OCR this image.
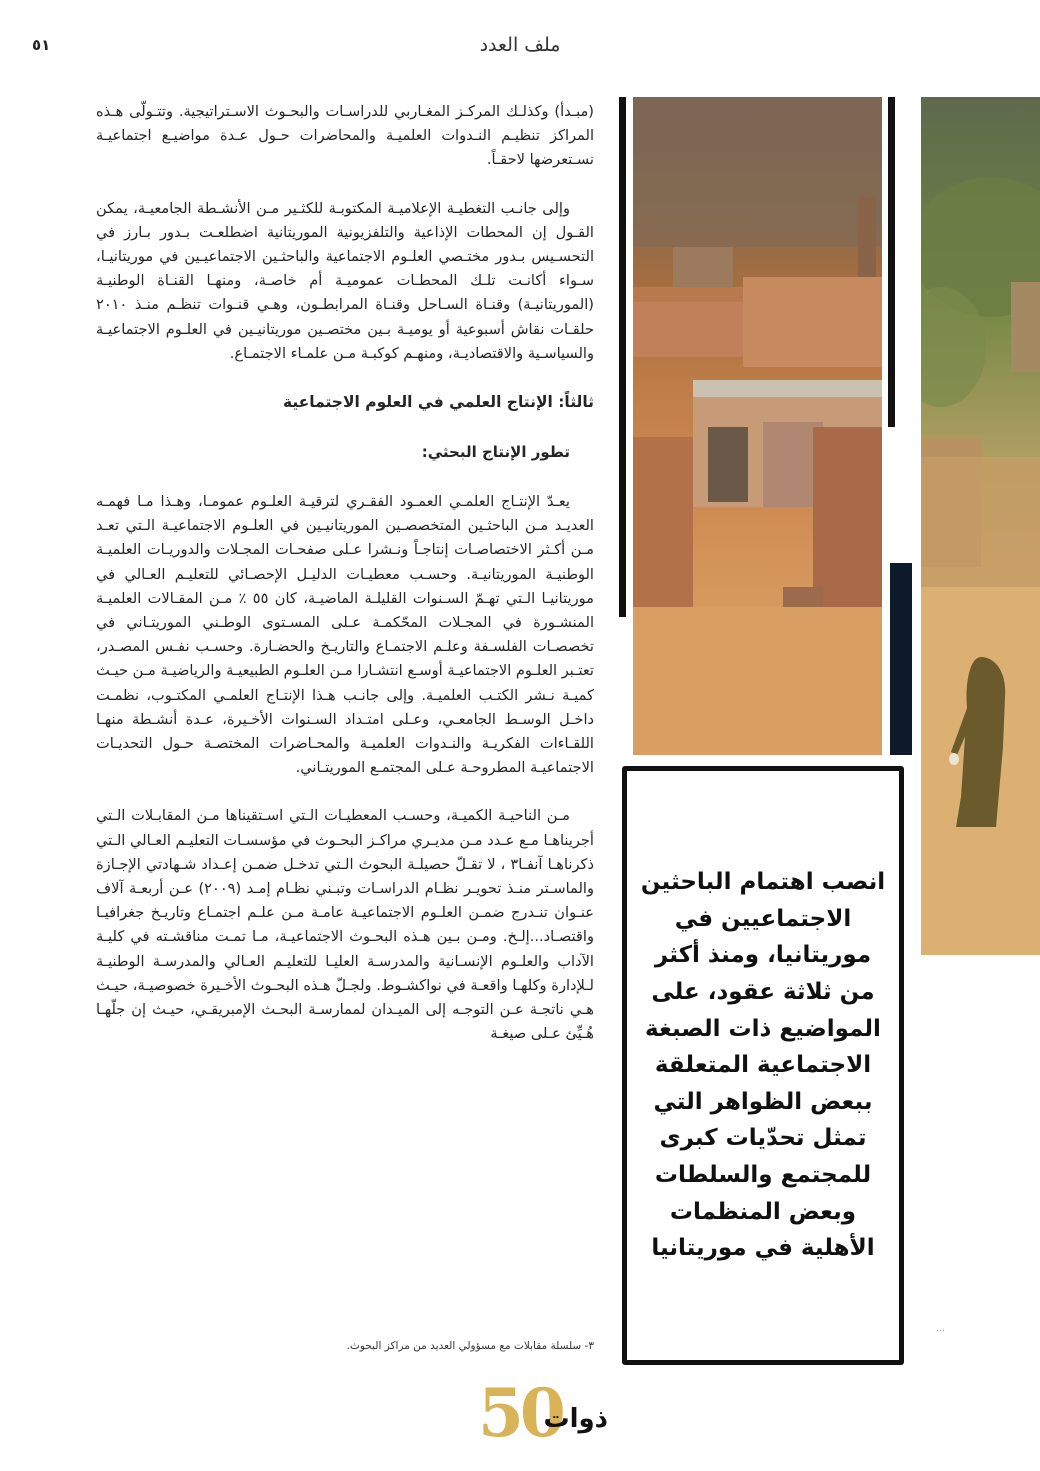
ملف العدد
٥١

(مبـدأ) وكذلـك المركـز المغـاربي للدراسـات والبحـوث الاسـتراتيجية. وتتـولّى هـذه المراكز تنظيـم النـدوات العلميـة والمحاضرات حـول عـدة مواضيـع اجتماعيـة نسـتعرضها لاحقـاً.

وإلى جانـب التغطيـة الإعلاميـة المكتوبـة للكثـير مـن الأنشـطة الجامعيـة، يمكن القـول إن المحطات الإذاعية والتلفزيونية الموريتانية اضطلعـت بـدور بـارز في التحسـيس بـدور مختـصي العلـوم الاجتماعية والباحثـين الاجتماعيـين في موريتانيـا، سـواء أكانـت تلـك المحطـات عموميـة أم خاصـة، ومنهـا القنـاة الوطنيـة (الموريتانيـة) وقنـاة السـاحل وقنـاة المرابطـون، وهـي قنـوات تنظـم منـذ ٢٠١٠ حلقـات نقاش أسبوعية أو يوميـة بـين مختصـين موريتانيـين في العلـوم الاجتماعيـة والسياسـية والاقتصاديـة، ومنهـم كوكبـة مـن علمـاء الاجتمـاع.

ثالثاً: الإنتاج العلمي في العلوم الاجتماعية
تطور الإنتاج البحثي:

يعـدّ الإنتـاج العلمـي العمـود الفقـري لترقيـة العلـوم عمومـا، وهـذا مـا فهمـه العديـد مـن الباحثـين المتخصصـين الموريتانيـين في العلـوم الاجتماعيـة الـتي تعـد مـن أكـثر الاختصاصـات إنتاجـاً ونـشرا عـلى صفحـات المجـلات والدوريـات العلميـة الوطنيـة الموريتانيـة. وحسـب معطيـات الدليـل الإحصـائي للتعليـم العـالي في موريتانيـا الـتي تهـمّ السـنوات القليلـة الماضيـة، كان ٥٥ ٪ مـن المقـالات العلميـة المنشـورة في المجـلات المحّكمـة عـلى المسـتوى الوطـني الموريتـاني في تخصصـات الفلسـفة وعلـم الاجتمـاع والتاريـخ والحضـارة. وحسـب نفـس المصـدر، تعتـبر العلـوم الاجتماعيـة أوسـع انتشـارا مـن العلـوم الطبيعيـة والرياضيـة مـن حيـث كميـة نـشر الكتـب العلميـة. وإلى جانـب هـذا الإنتـاج العلمـي المكتـوب، نظمـت داخـل الوسـط الجامعـي، وعـلى امتـداد السـنوات الأخـيرة، عـدة أنشـطة منهـا اللقـاءات الفكريـة والنـدوات العلميـة والمحـاضرات المختصـة حـول التحديـات الاجتماعيـة المطروحـة عـلى المجتمـع الموريتـاني.

مـن الناحيـة الكميـة، وحسـب المعطيـات الـتي اسـتقيناها مـن المقابـلات الـتي أجريناهـا مـع عـدد مـن مديـري مراكـز البحـوث في مؤسسـات التعليـم العـالي الـتي ذكرناهـا آنفـا٣ ، لا تقـلّ حصيلـة البحوث الـتي تدخـل ضمـن إعـداد شـهادتي الإجـازة والماسـتر منـذ تحويـر نظـام الدراسـات وتبـني نظـام إمـد (٢٠٠٩) عـن أربعـة آلاف عنـوان تنـدرج ضمـن العلـوم الاجتماعيـة عامـة مـن علـم اجتمـاع وتاريـخ جغرافيـا واقتصـاد...إلـخ. ومـن بـين هـذه البحـوث الاجتماعيـة، مـا تمـت مناقشـته في كليـة الآداب والعلـوم الإنسـانية والمدرسـة العليـا للتعليـم العـالي والمدرسـة الوطنيـة لـلإدارة وكلهـا واقعـة في نواكشـوط. ولجـلّ هـذه البحـوث الأخـيرة خصوصيـة، حيـث هـي ناتجـة عـن التوجـه إلى الميـدان لممارسـة البحـث الإمبريقـي، حيـث إن جلّهـا هُـيِّئ عـلى صيغـة

٣- سلسلة مقابلات مع مسؤولي العديد من مراكز البحوث.

انصب اهتمام الباحثين الاجتماعيين في موريتانيا، ومنذ أكثر من ثلاثة عقود، على المواضيع ذات الصبغة الاجتماعية المتعلقة ببعض الظواهر التي تمثل تحدّيات كبرى للمجتمع والسلطات وبعض المنظمات الأهلية في موريتانيا

…
50
ذوات
